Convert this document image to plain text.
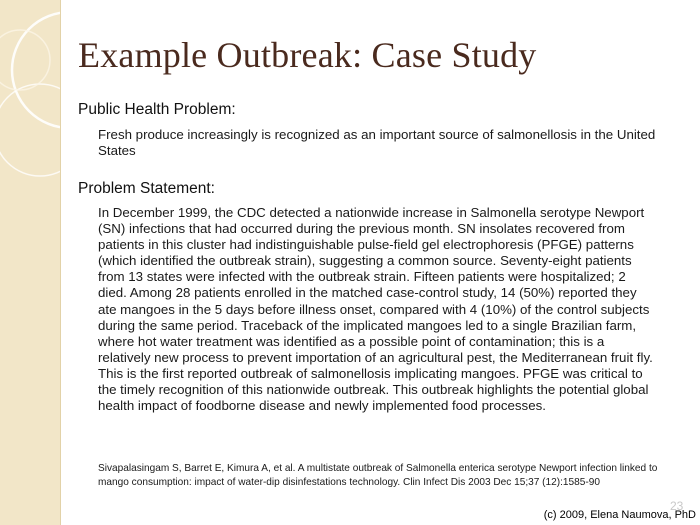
Example Outbreak: Case Study
Public Health Problem:
Fresh produce increasingly is recognized as an important source of salmonellosis in the United States
Problem Statement:
In December 1999, the CDC detected a nationwide increase in Salmonella serotype Newport (SN) infections that had occurred during the previous month. SN insolates recovered from patients in this cluster had indistinguishable pulse-field gel electrophoresis (PFGE) patterns (which identified the outbreak strain), suggesting a common source. Seventy-eight patients from 13 states were infected with the outbreak strain. Fifteen patients were hospitalized; 2 died. Among 28 patients enrolled in the matched case-control study, 14 (50%) reported they ate mangoes in the 5 days before illness onset, compared with 4 (10%) of the control subjects during the same period. Traceback of the implicated mangoes led to a single Brazilian farm, where hot water treatment was identified as a possible point of contamination; this is a relatively new process to prevent importation of an agricultural pest, the Mediterranean fruit fly. This is the first reported outbreak of salmonellosis implicating mangoes. PFGE was critical to the timely recognition of this nationwide outbreak. This outbreak highlights the potential global health impact of foodborne disease and newly implemented food processes.
Sivapalasingam S, Barret E, Kimura A, et al. A multistate outbreak of Salmonella enterica serotype Newport infection linked to mango consumption: impact of water-dip disinfestations technology. Clin Infect Dis 2003 Dec 15;37 (12):1585-90
23
(c) 2009, Elena Naumova, PhD
